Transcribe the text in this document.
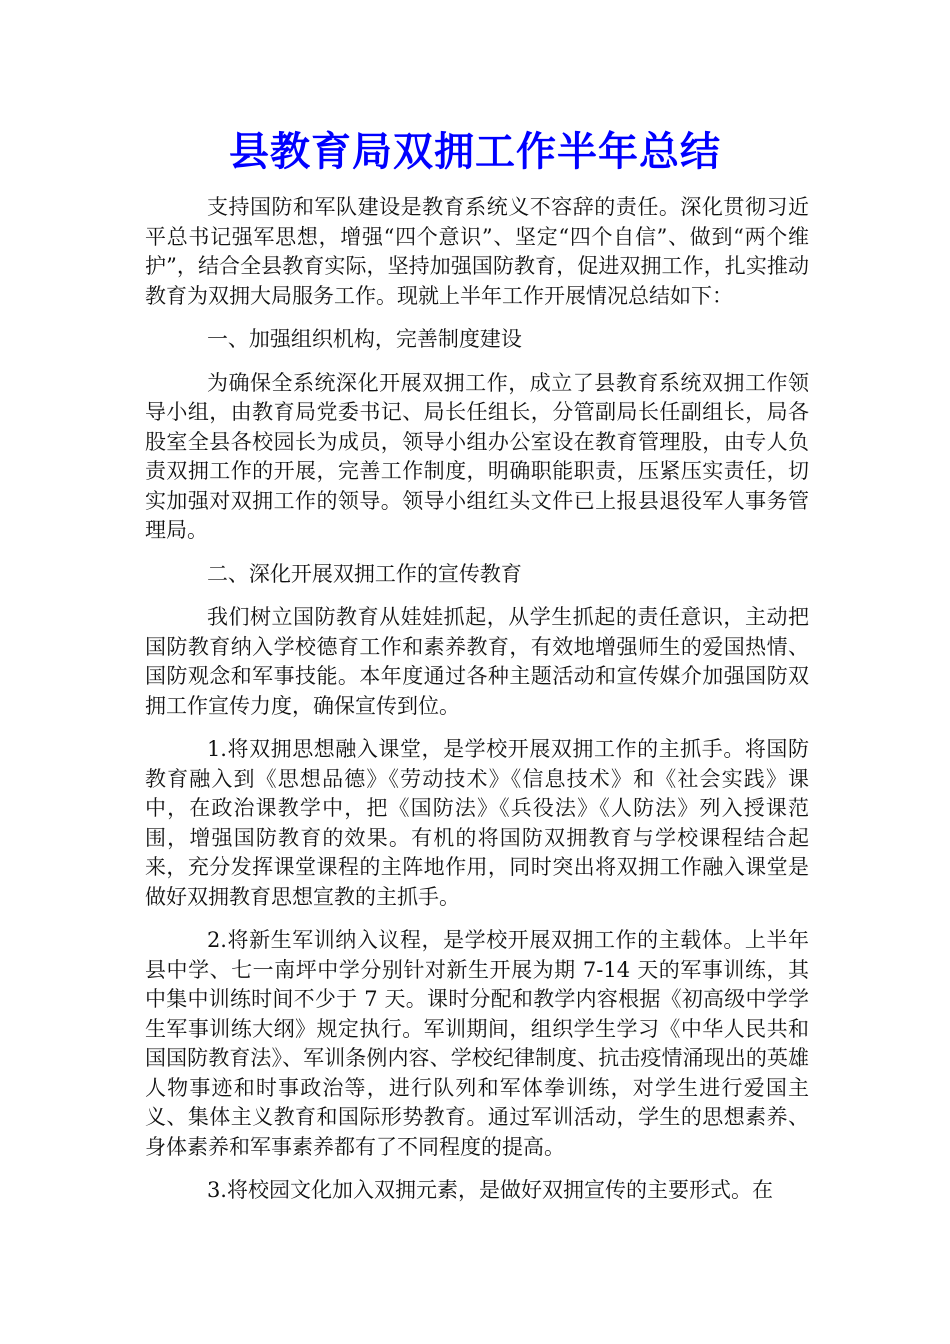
县教育局双拥工作半年总结

支持国防和军队建设是教育系统义不容辞的责任。深化贯彻习近平总书记强军思想，增强“四个意识”、坚定“四个自信”、做到“两个维护”，结合全县教育实际，坚持加强国防教育，促进双拥工作，扎实推动教育为双拥大局服务工作。现就上半年工作开展情况总结如下：

一、加强组织机构，完善制度建设

为确保全系统深化开展双拥工作，成立了县教育系统双拥工作领导小组，由教育局党委书记、局长任组长，分管副局长任副组长，局各股室全县各校园长为成员，领导小组办公室设在教育管理股，由专人负责双拥工作的开展，完善工作制度，明确职能职责，压紧压实责任，切实加强对双拥工作的领导。领导小组红头文件已上报县退役军人事务管理局。

二、深化开展双拥工作的宣传教育

我们树立国防教育从娃娃抓起，从学生抓起的责任意识，主动把国防教育纳入学校德育工作和素养教育，有效地增强师生的爱国热情、国防观念和军事技能。本年度通过各种主题活动和宣传媒介加强国防双拥工作宣传力度，确保宣传到位。

1.将双拥思想融入课堂，是学校开展双拥工作的主抓手。将国防教育融入到《思想品德》《劳动技术》《信息技术》和《社会实践》课中，在政治课教学中，把《国防法》《兵役法》《人防法》列入授课范围，增强国防教育的效果。有机的将国防双拥教育与学校课程结合起来，充分发挥课堂课程的主阵地作用，同时突出将双拥工作融入课堂是做好双拥教育思想宣教的主抓手。

2.将新生军训纳入议程，是学校开展双拥工作的主载体。上半年县中学、七一南坪中学分别针对新生开展为期 7-14 天的军事训练，其中集中训练时间不少于 7 天。课时分配和教学内容根据《初高级中学学生军事训练大纲》规定执行。军训期间，组织学生学习《中华人民共和国国防教育法》、军训条例内容、学校纪律制度、抗击疫情涌现出的英雄人物事迹和时事政治等，进行队列和军体拳训练，对学生进行爱国主义、集体主义教育和国际形势教育。通过军训活动，学生的思想素养、身体素养和军事素养都有了不同程度的提高。

3.将校园文化加入双拥元素，是做好双拥宣传的主要形式。在
